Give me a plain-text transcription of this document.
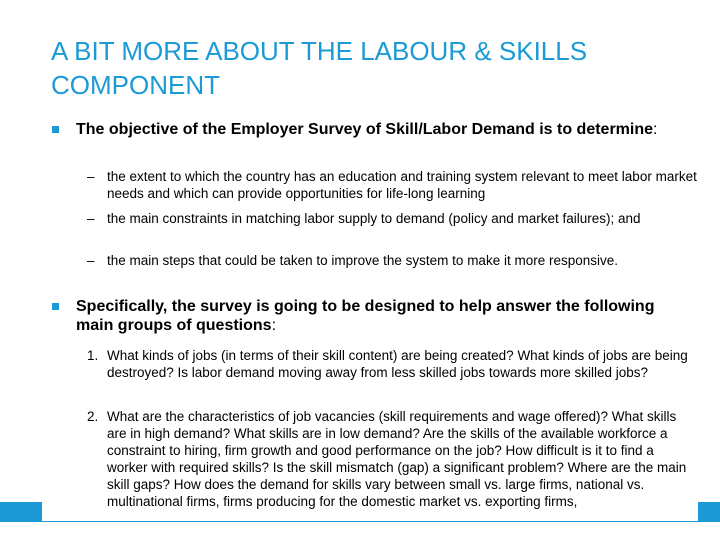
A BIT MORE ABOUT THE LABOUR & SKILLS
COMPONENT
The objective of the Employer Survey of Skill/Labor Demand is to determine:
– the extent to which the country has an education and training system relevant to meet labor market needs and which can provide opportunities for life-long learning
– the main constraints in matching labor supply to demand (policy and market failures); and
– the main steps that could be taken to improve the system to make it more responsive.
Specifically, the survey is going to be designed to help answer the following main groups of questions:
1. What kinds of jobs (in terms of their skill content) are being created? What kinds of jobs are being destroyed? Is labor demand moving away from less skilled jobs towards more skilled jobs?
2. What are the characteristics of job vacancies (skill requirements and wage offered)? What skills are in high demand? What skills are in low demand? Are the skills of the available workforce a constraint to hiring, firm growth and good performance on the job? How difficult is it to find a worker with required skills? Is the skill mismatch (gap) a significant problem? Where are the main skill gaps? How does the demand for skills vary between small vs. large firms, national vs. multinational firms, firms producing for the domestic market vs. exporting firms,
